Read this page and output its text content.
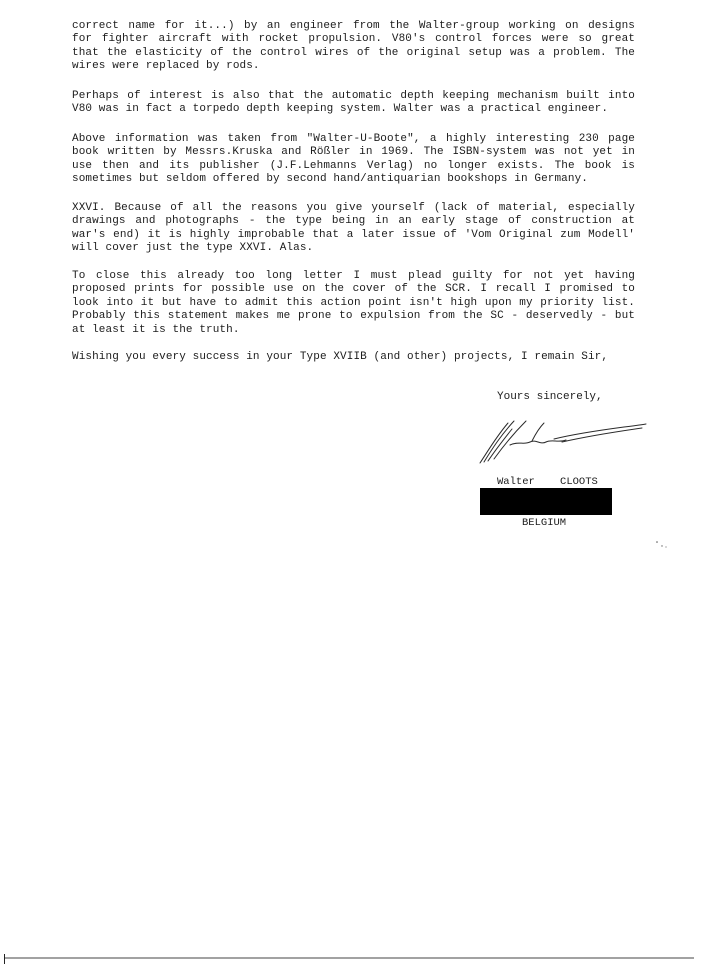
correct name for it...) by an engineer from the Walter-group working on designs
for fighter aircraft with rocket propulsion. V80's control forces were so great
that the elasticity of the control wires of the original setup was a problem. The
wires were replaced by rods.
Perhaps of interest is also that the automatic depth keeping mechanism built into
V80 was in fact a torpedo depth keeping system. Walter was a practical engineer.
Above information was taken from "Walter-U-Boote", a highly interesting 230 page
book written by Messrs.Kruska and Rößler in 1969. The ISBN-system was not yet in
use then and its publisher (J.F.Lehmanns Verlag) no longer exists. The book is
sometimes but seldom offered by second hand/antiquarian bookshops in Germany.
XXVI. Because of all the reasons you give yourself (lack of material, especially
drawings and photographs - the type being in an early stage of construction at
war's end) it is highly improbable that a later issue of 'Vom Original zum Modell'
will cover just the type XXVI. Alas.
To close this already too long letter I must plead guilty for not yet having
proposed prints for possible use on the cover of the SCR. I recall I promised to
look into it but have to admit this action point isn't high upon my priority list.
Probably this statement makes me prone to expulsion from the SC - deservedly - but
at least it is the truth.
Wishing you every success in your Type XVIIB (and other) projects, I remain Sir,
Yours sincerely,
Walter CLOOTS
BELGIUM
